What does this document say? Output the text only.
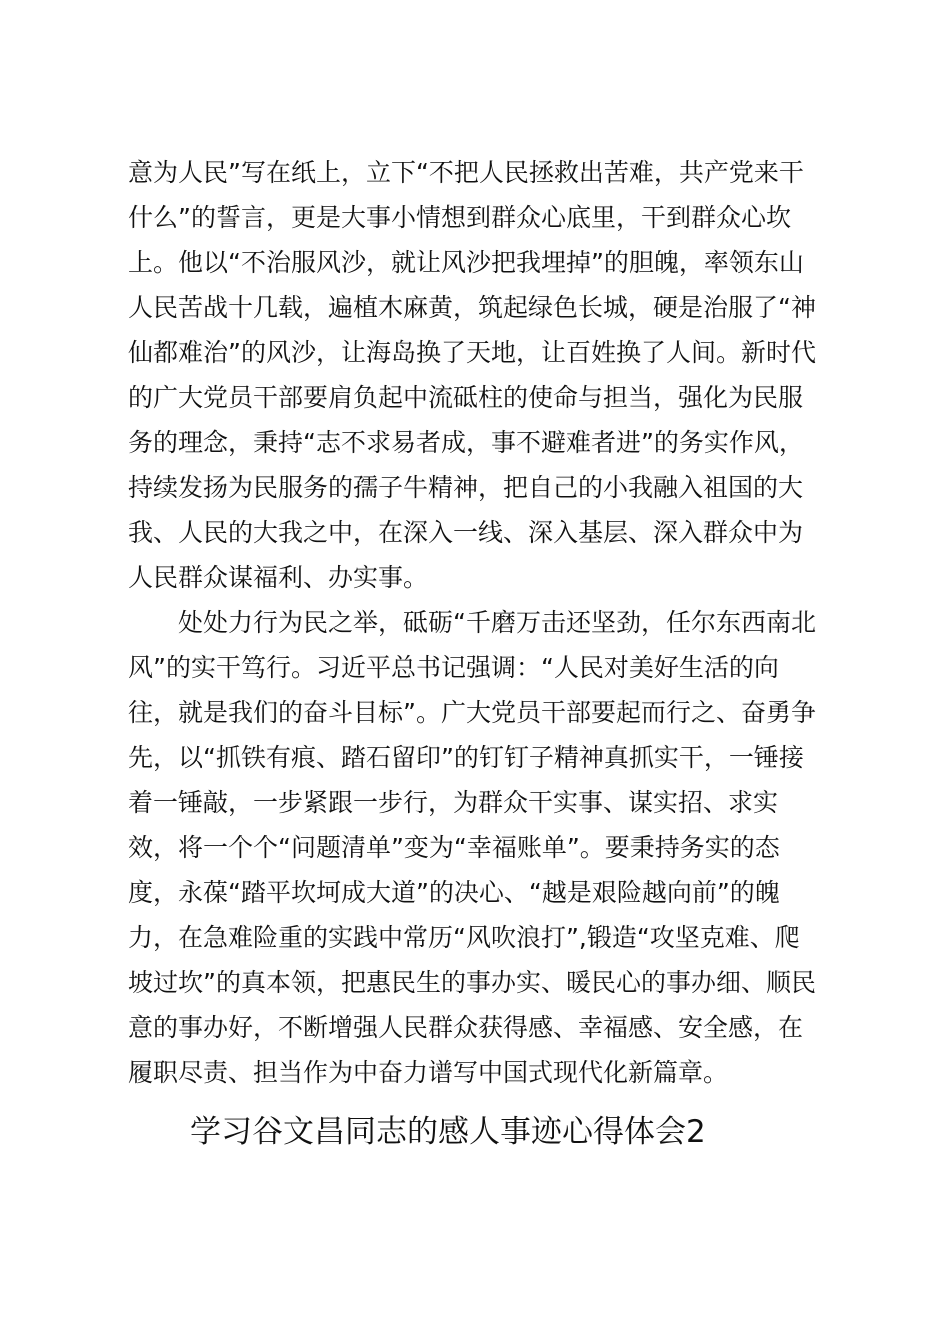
意为人民”写在纸上，立下“不把人民拯救出苦难，共产党来干
什么”的誓言，更是大事小情想到群众心底里，干到群众心坎
上。他以“不治服风沙，就让风沙把我埋掉”的胆魄，率领东山
人民苦战十几载，遍植木麻黄，筑起绿色长城，硬是治服了“神
仙都难治”的风沙，让海岛换了天地，让百姓换了人间。新时代
的广大党员干部要肩负起中流砥柱的使命与担当，强化为民服
务的理念，秉持“志不求易者成，事不避难者进”的务实作风，
持续发扬为民服务的孺子牛精神，把自己的小我融入祖国的大
我、人民的大我之中，在深入一线、深入基层、深入群众中为
人民群众谋福利、办实事。
处处力行为民之举，砥砺“千磨万击还坚劲，任尔东西南北
风”的实干笃行。习近平总书记强调：“人民对美好生活的向
往，就是我们的奋斗目标”。广大党员干部要起而行之、奋勇争
先，以“抓铁有痕、踏石留印”的钉钉子精神真抓实干，一锤接
着一锤敲，一步紧跟一步行，为群众干实事、谋实招、求实
效，将一个个“问题清单”变为“幸福账单”。要秉持务实的态
度，永葆“踏平坎坷成大道”的决心、“越是艰险越向前”的魄
力，在急难险重的实践中常历“风吹浪打”,锻造“攻坚克难、爬
坡过坎”的真本领，把惠民生的事办实、暖民心的事办细、顺民
意的事办好，不断增强人民群众获得感、幸福感、安全感，在
履职尽责、担当作为中奋力谱写中国式现代化新篇章。
学习谷文昌同志的感人事迹心得体会2
